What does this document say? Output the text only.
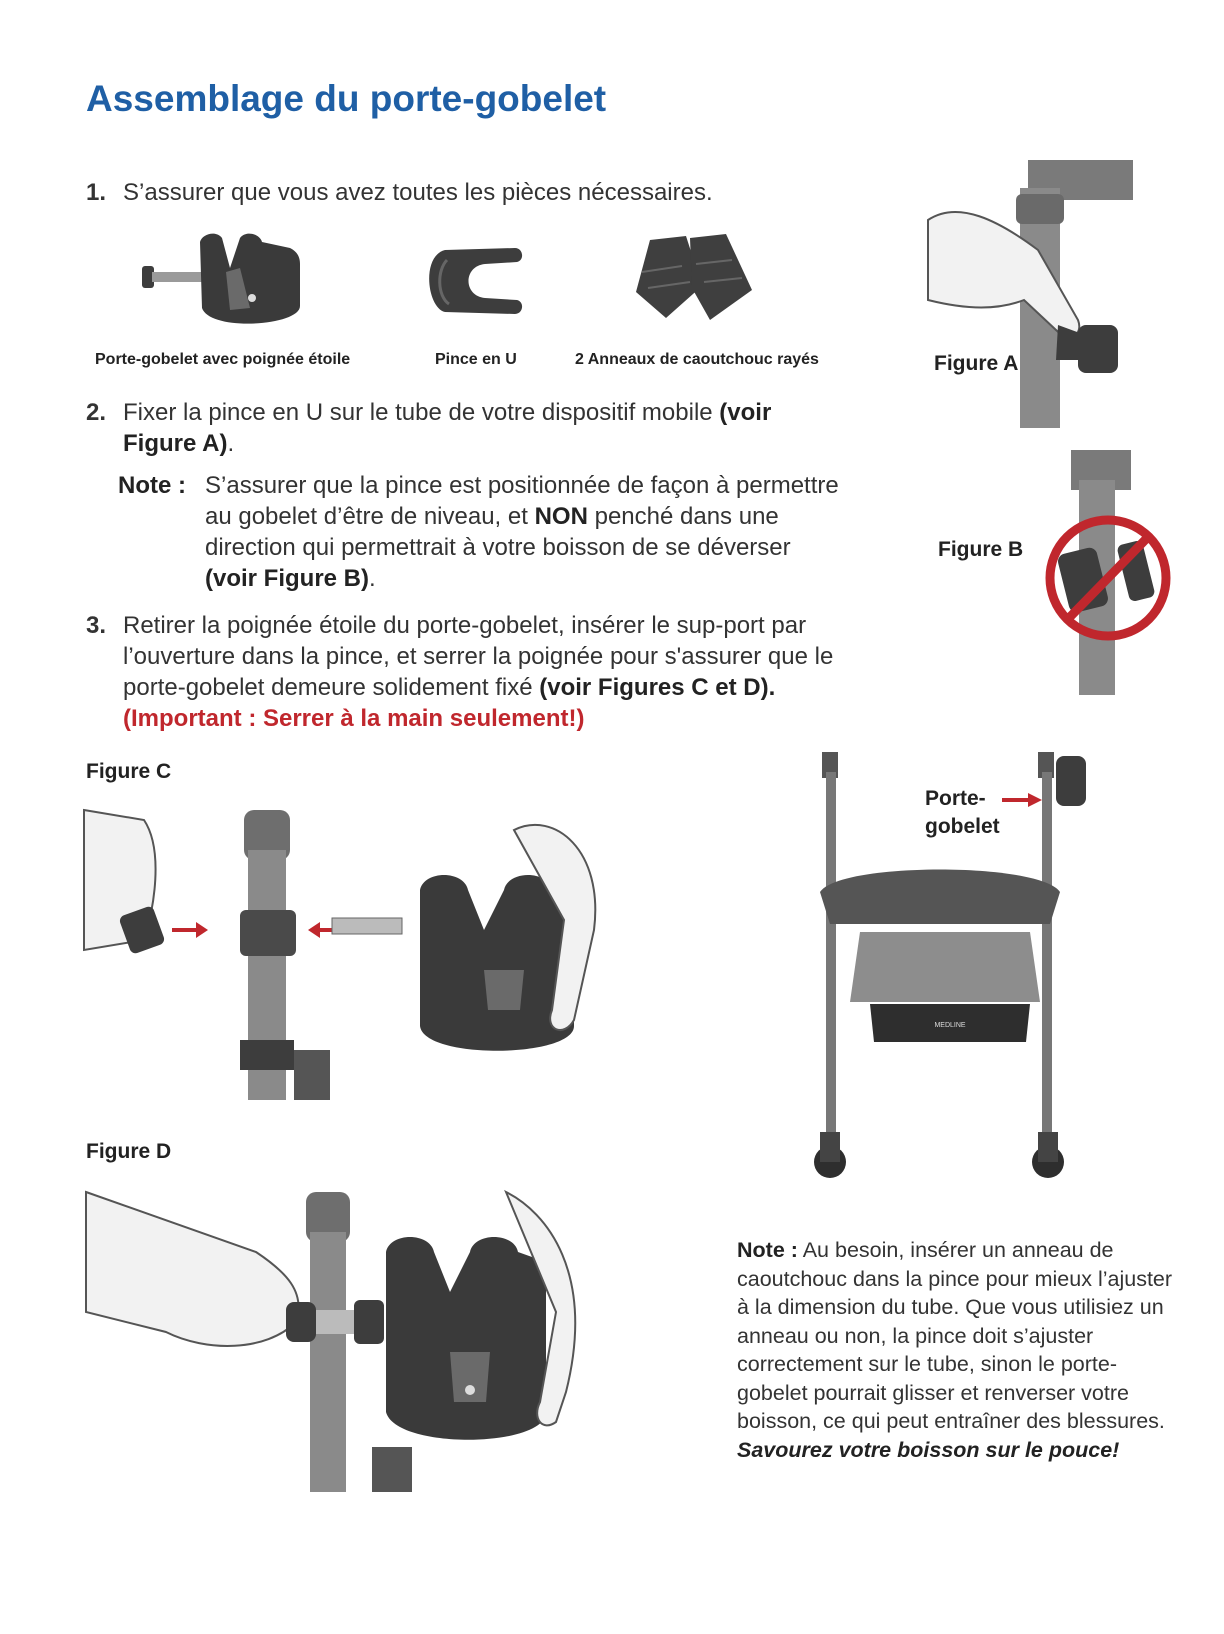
Assemblage du porte-gobelet
1. S’assurer que vous avez toutes les pièces nécessaires.
Porte-gobelet avec poignée étoile	Pince en U	2 Anneaux de caoutchouc rayés	Figure A
2. Fixer la pince en U sur le tube de votre dispositif mobile (voir Figure A).
Note : S’assurer que la pince est positionnée de façon à permettre au gobelet d’être de niveau, et NON penché dans une direction qui permettrait à votre boisson de se déverser (voir Figure B).
Figure B
3. Retirer la poignée étoile du porte-gobelet, insérer le sup-port par l’ouverture dans la pince, et serrer la poignée pour s'assurer que le porte-gobelet demeure solidement fixé (voir Figures C et D). (Important : Serrer à la main seulement!)
Figure C
MEDLINE
Porte-
gobelet
Figure D
Note : Au besoin, insérer un anneau de caoutchouc dans la pince pour mieux l’ajuster à la dimension du tube. Que vous utilisiez un anneau ou non, la pince doit s’ajuster correctement sur le tube, sinon le porte-gobelet pourrait glisser et renverser votre boisson, ce qui peut entraîner des blessures.
Savourez votre boisson sur le pouce!
